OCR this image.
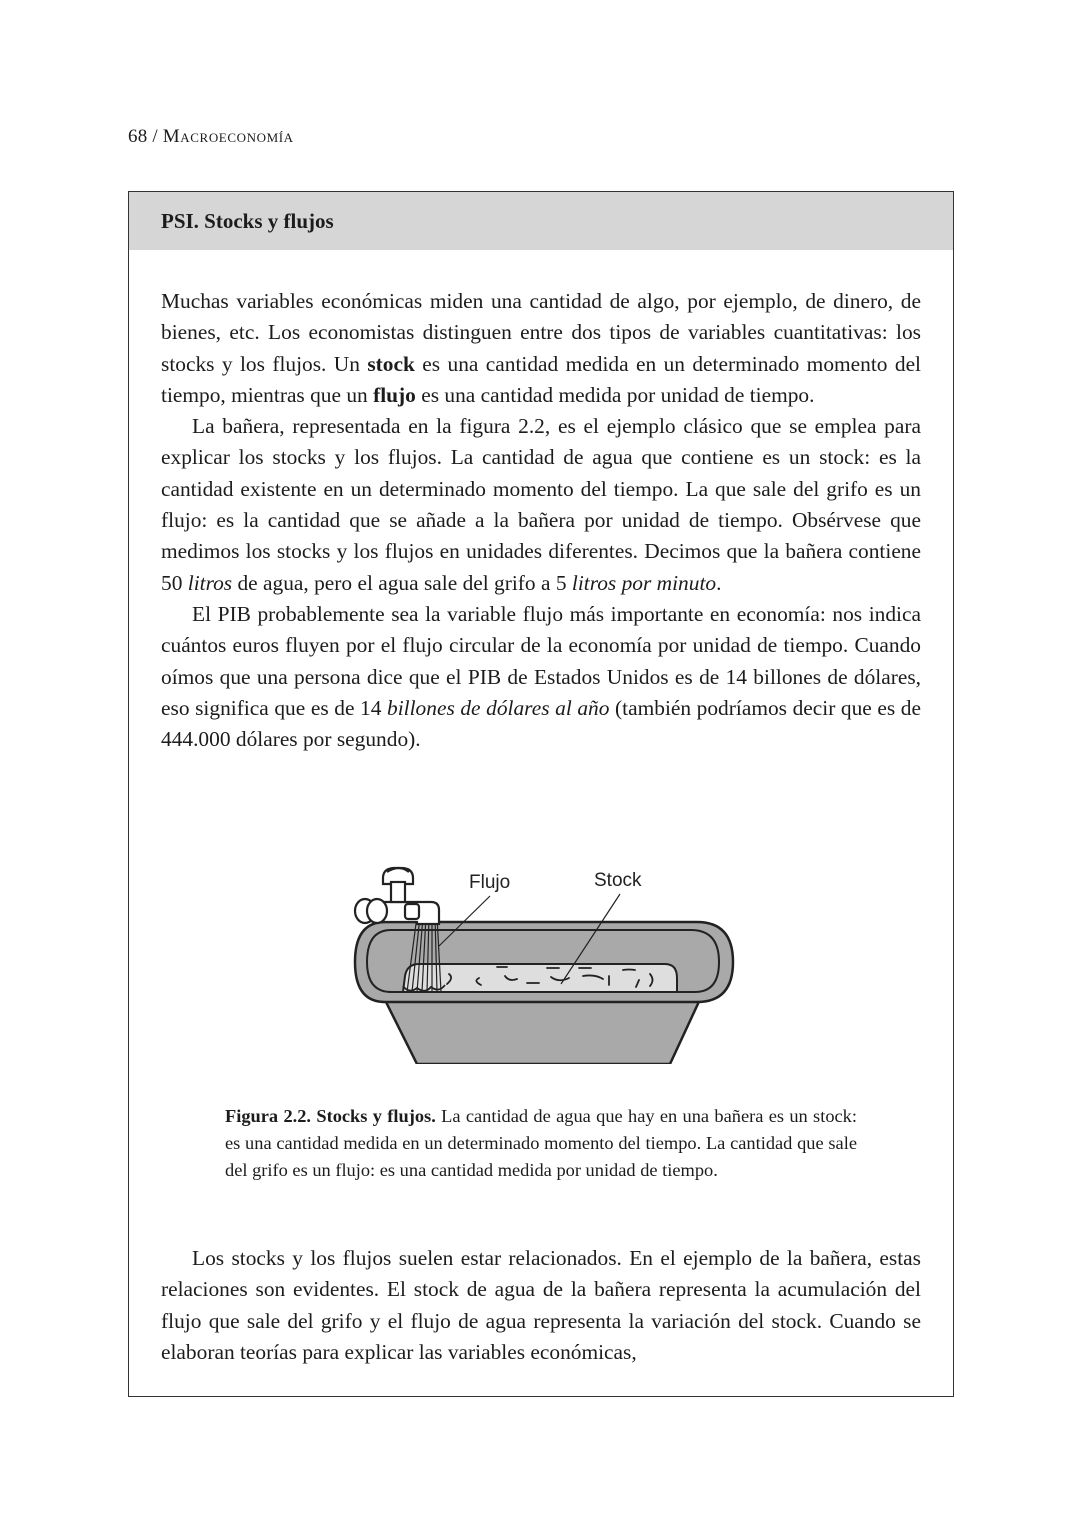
68 / Macroeconomía
PSI. Stocks y flujos

Muchas variables económicas miden una cantidad de algo, por ejemplo, de dinero, de bienes, etc. Los economistas distinguen entre dos tipos de variables cuantitativas: los stocks y los flujos. Un stock es una cantidad medida en un determinado momento del tiempo, mientras que un flujo es una cantidad medida por unidad de tiempo.

La bañera, representada en la figura 2.2, es el ejemplo clásico que se emplea para explicar los stocks y los flujos. La cantidad de agua que contiene es un stock: es la cantidad existente en un determinado momento del tiempo. La que sale del grifo es un flujo: es la cantidad que se añade a la bañera por unidad de tiempo. Obsérvese que medimos los stocks y los flujos en unidades diferentes. Decimos que la bañera contiene 50 litros de agua, pero el agua sale del grifo a 5 litros por minuto.

El PIB probablemente sea la variable flujo más importante en economía: nos indica cuántos euros fluyen por el flujo circular de la economía por unidad de tiempo. Cuando oímos que una persona dice que el PIB de Estados Unidos es de 14 billones de dólares, eso significa que es de 14 billones de dólares al año (también podríamos decir que es de 444.000 dólares por segundo).

Flujo	Stock
Figura 2.2. Stocks y flujos. La cantidad de agua que hay en una bañera es un stock: es una cantidad medida en un determinado momento del tiempo. La cantidad que sale del grifo es un flujo: es una cantidad medida por unidad de tiempo.

Los stocks y los flujos suelen estar relacionados. En el ejemplo de la bañera, estas relaciones son evidentes. El stock de agua de la bañera representa la acumulación del flujo que sale del grifo y el flujo de agua representa la variación del stock. Cuando se elaboran teorías para explicar las variables económicas,
